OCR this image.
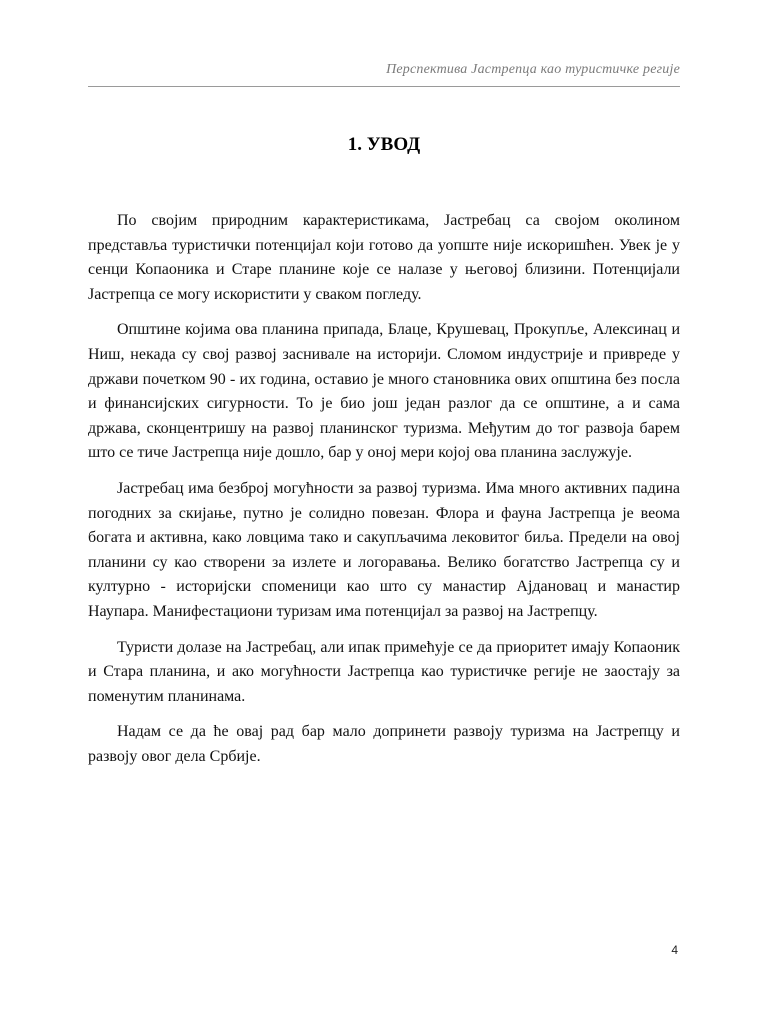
Перспектива Јастрепца као туристичке регије
1. УВОД

По својим природним карактеристикама, Јастребац са својом околином представља туристички потенцијал који готово да уопште није искоришћен. Увек је у сенци Копаоника и Старе планине које се налазе у његовој близини. Потенцијали Јастрепца се могу искористити у сваком погледу.

Општине којима ова планина припада, Блаце, Крушевац, Прокупље, Алексинац и Ниш, некада су свој развој заснивале на историји. Сломом индустрије и привреде у држави почетком 90 - их година, оставио је много становника ових општина без посла и финансијских сигурности. То је био још један разлог да се општине, а и сама држава, сконцентришу на развој планинског туризма. Међутим до тог развоја барем што се тиче Јастрепца није дошло, бар у оној мери којој ова планина заслужује.

Јастребац има безброј могућности за развој туризма. Има много активних падина погодних за скијање, путно је солидно повезан. Флора и фауна Јастрепца је веома богата и активна, како ловцима тако и сакупљачима лековитог биља. Предели на овој планини су као створени за излете и логоравања. Велико богатство Јастрепца су и културно - историјски споменици као што су манастир Ајдановац и манастир Наупара. Манифестациони туризам има потенцијал за развој на Јастрепцу.

Туристи долазе на Јастребац, али ипак примећује се да приоритет имају Копаоник и Стара планина, и ако могућности Јастрепца као туристичке регије не заостају за поменутим планинама.

Надам се да ће овај рад бар мало допринети развоју туризма на Јастрепцу и развоју овог дела Србије.

4
